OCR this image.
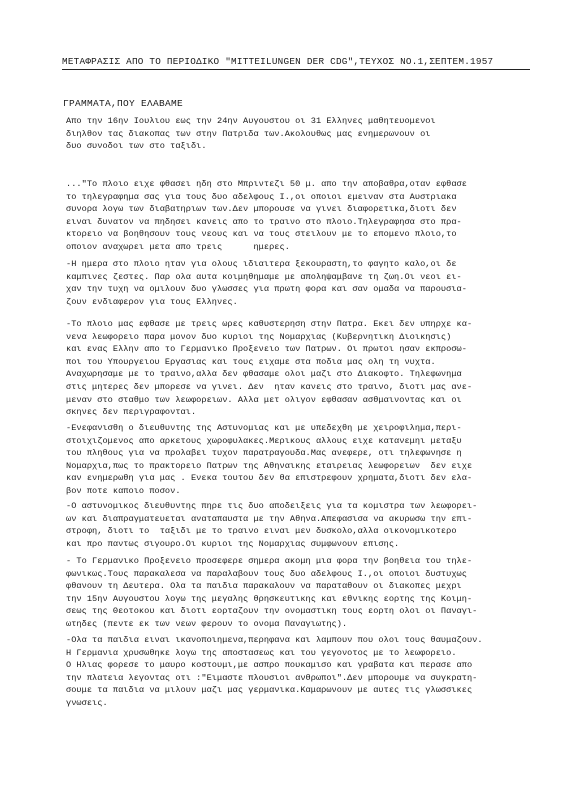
ΜΕΤΑΦΡΑΣΙΣ ΑΠΟ ΤΟ ΠΕΡΙΟΔΙΚΟ "MITTEILUNGEN DER CDG",ΤΕΥΧΟΣ ΝΟ.1,ΣΕΠΤΕΜ.1957
ΓΡΑΜΜΑΤΑ,ΠΟΥ ΕΛΑΒΑΜΕ
Απο την 16ην Ιουλιου εως την 24ην Αυγουστου οι 31 Ελληνες μαθητευομενοι
διηλθον τας διακοπας των στην Πατριδα των.Ακολουθως μας ενημερωνουν οι
δυο συνοδοι των στο ταξιδι.
..."Το πλοιο ειχε φθασει ηδη στο Μπριντεζι 50 μ. απο την αποβαθρα,οταν εφθασε
το τηλεγραφημα σας για τους δυο αδελφους Ι.,οι οποιοι εμειναν στα Αυστριακα
συνορα λογω των διαβατηριων των.Δεν μπορουσε να γινει διαφορετικα,διοτι δεν
ειναι δυνατον να πηδησει κανεις απο το τραινο στο πλοιο.Τηλεγραφησα στο πρα-
κτορειο να βοηθησουν τους νεους και να τους στειλουν με το επομενο πλοιο,το
οποιον αναχωρει μετα απο τρεις      ημερες.
-Η ημερα στο πλοιο ηταν για ολους ιδιαιτερα ξεκουραστη,το φαγητο καλο,οι δε
καμπινες ζεστες. Παρ ολα αυτα κοιμηθημαμε με αποληψαμβανε τη ζωη.Οι νεοι ει-
χαν την τυχη να ομιλουν δυο γλωσσες για πρωτη φορα και σαν ομαδα να παρουσια-
ζουν ενδιαφερον για τους Ελληνες.
-Το πλοιο μας εφθασε με τρεις ωρες καθυστερηση στην Πατρα. Εκει δεν υπηρχε κα-
νενα λεωφορειο παρα μονον δυο κυριοι της Νομαρχιας (Κυβερνητικη Διοικησις)
και ενας Ελλην απο το Γερμανικο Προξενειο των Πατρων. Οι πρωτοι ησαν εκπροσω-
ποι του Υπουργειου Εργασιας και τους ειχαμε στα ποδια μας ολη τη νυχτα.
Αναχωρησαμε με το τραινο,αλλα δεν φθασαμε ολοι μαζι στο Διακοφτο. Τηλεφωνημα
στις μητερες δεν μπορεσε να γινει. Δεν  ηταν κανεις στο τραινο, διοτι μας ανε-
μεναν στο σταθμο των λεωφορειων. Αλλα μετ ολιγον εφθασαν ασθμαινοντας και οι
σκηνες δεν περιγραφονται.
-Ενεφανισθη ο διευθυντης της Αστυνομιας και με υπεδεχθη με χειροφιλημα,περι-
στοιχιζομενος απο αρκετους χωροφυλακες.Μερικους αλλους ειχε κατανεμηι μεταξυ
του πληθους για να προλαβει τυχον παρατραγουδα.Μας ανεφερε, οτι τηλεφωνησε η
Νομαρχια,πως το πρακτορειο Πατρων της Αθηναικης εταιρειας λεωφορειων  δεν ειχε
καν ενημερωθη για μας . Ενεκα τουτου δεν θα επιστρεφουν χρηματα,διοτι δεν ελα-
βον ποτε καποιο ποσον.
-Ο αστυνομικος διευθυντης πηρε τις δυο αποδειξεις για τα κομιστρα των λεωφορει-
ων και διαπραγματευεται αναταπαυστα με την Αθηνα.Απεφασισα να ακυρωσω την επι-
στροφη, διοτι το  ταξιδι με το τραινο ειναι μεν δυσκολο,αλλα οικονομικοτερο
και προ παντως σιγουρο.Οι κυριοι της Νομαρχιας συμφωνουν επισης.
- Το Γερμανικο Προξενειο προσεφερε σημερα ακομη μια φορα την βοηθεια του τηλε-
φωνικως.Τους παρακαλεσα να παραλαβουν τους δυο αδελφους Ι.,οι οποιοι δυστυχως
φθανουν τη Δευτερα. Ολα τα παιδια παρακαλουν να παραταθουν οι διακοπες μεχρι
την 15ην Αυγουστου λογω της μεγαλης θρησκευτικης και εθνικης εορτης της Κοιμη-
σεως της Θεοτοκου και διοτι εορταζουν την ονομαστικη τους εορτη ολοι οι Παναγι-
ωτηδες (πεντε εκ των νεων φερουν το ονομα Παναγιωτης).
-Ολα τα παιδια ειναι ικανοποιημενα,περηφανα και λαμπουν που ολοι τους θαυμαζουν.
Η Γερμανια χρυσωθηκε λογω της αποστασεως και του γεγονοτος με το λεωφορειο.
Ο Ηλιας φορεσε το μαυρο κοστουμι,με ασπρο πουκαμισο και γραβατα και περασε απο
την πλατεια λεγοντας οτι :"Ειμαστε πλουσιοι ανθρωποι".Δεν μπορουμε να συγκρατη-
σουμε τα παιδια να μιλουν μαζι μας γερμανικα.Καμαρωνουν με αυτες τις γλωσσικες
γνωσεις.
